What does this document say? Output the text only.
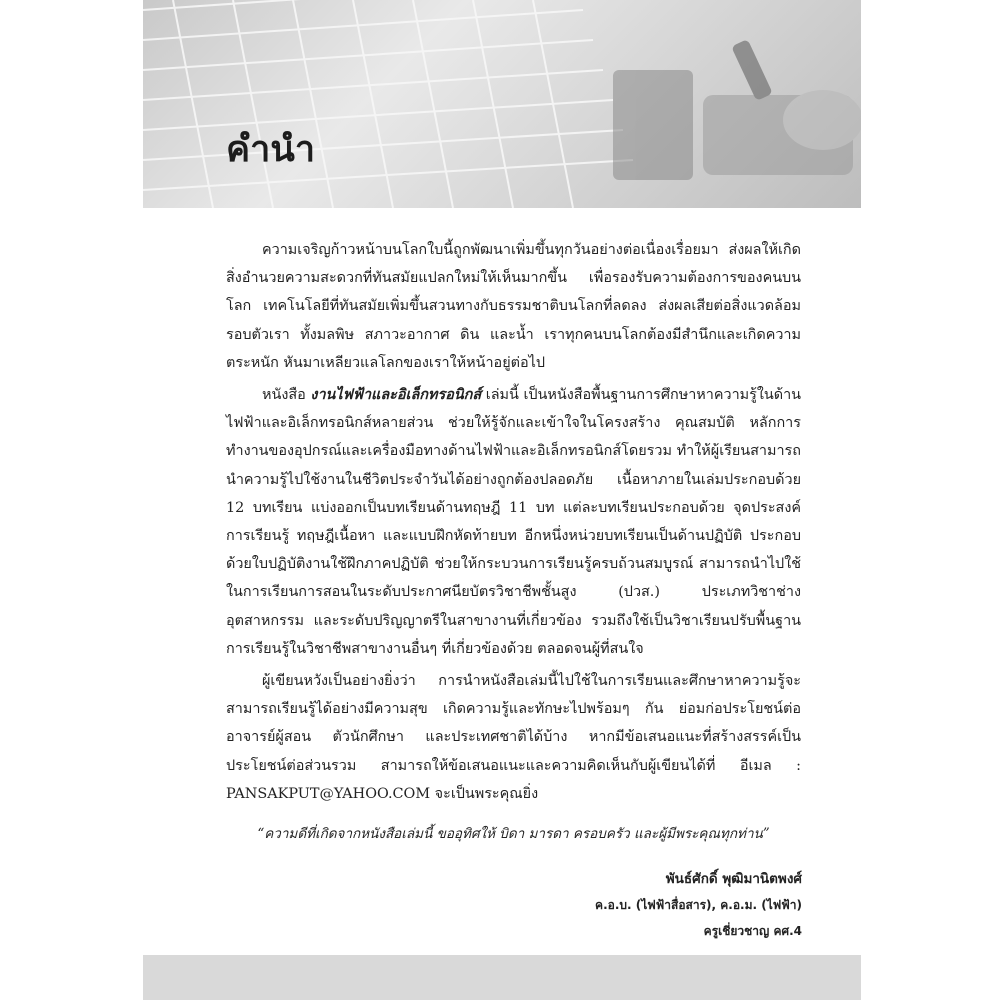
คำนำ

ความเจริญก้าวหน้าบนโลกใบนี้ถูกพัฒนาเพิ่มขึ้นทุกวันอย่างต่อเนื่องเรื่อยมา ส่งผลให้เกิดสิ่งอำนวยความสะดวกที่ทันสมัยแปลกใหม่ให้เห็นมากขึ้น เพื่อรองรับความต้องการของคนบนโลก เทคโนโลยีที่ทันสมัยเพิ่มขึ้นสวนทางกับธรรมชาติบนโลกที่ลดลง ส่งผลเสียต่อสิ่งแวดล้อมรอบตัวเรา ทั้งมลพิษ สภาวะอากาศ ดิน และน้ำ เราทุกคนบนโลกต้องมีสำนึกและเกิดความตระหนัก หันมาเหลียวแลโลกของเราให้หน้าอยู่ต่อไป

หนังสือ งานไฟฟ้าและอิเล็กทรอนิกส์ เล่มนี้ เป็นหนังสือพื้นฐานการศึกษาหาความรู้ในด้านไฟฟ้าและอิเล็กทรอนิกส์หลายส่วน ช่วยให้รู้จักและเข้าใจในโครงสร้าง คุณสมบัติ หลักการทำงานของอุปกรณ์และเครื่องมือทางด้านไฟฟ้าและอิเล็กทรอนิกส์โดยรวม ทำให้ผู้เรียนสามารถนำความรู้ไปใช้งานในชีวิตประจำวันได้อย่างถูกต้องปลอดภัย เนื้อหาภายในเล่มประกอบด้วย 12 บทเรียน แบ่งออกเป็นบทเรียนด้านทฤษฎี 11 บท แต่ละบทเรียนประกอบด้วย จุดประสงค์การเรียนรู้ ทฤษฎีเนื้อหา และแบบฝึกหัดท้ายบท อีกหนึ่งหน่วยบทเรียนเป็นด้านปฏิบัติ ประกอบด้วยใบปฏิบัติงานใช้ฝึกภาคปฏิบัติ ช่วยให้กระบวนการเรียนรู้ครบถ้วนสมบูรณ์ สามารถนำไปใช้ในการเรียนการสอนในระดับประกาศนียบัตรวิชาชีพชั้นสูง (ปวส.) ประเภทวิชาช่างอุตสาหกรรม และระดับปริญญาตรีในสาขางานที่เกี่ยวข้อง รวมถึงใช้เป็นวิชาเรียนปรับพื้นฐานการเรียนรู้ในวิชาชีพสาขางานอื่นๆ ที่เกี่ยวข้องด้วย ตลอดจนผู้ที่สนใจ

ผู้เขียนหวังเป็นอย่างยิ่งว่า การนำหนังสือเล่มนี้ไปใช้ในการเรียนและศึกษาหาความรู้จะสามารถเรียนรู้ได้อย่างมีความสุข เกิดความรู้และทักษะไปพร้อมๆ กัน ย่อมก่อประโยชน์ต่ออาจารย์ผู้สอน ตัวนักศึกษา และประเทศชาติได้บ้าง หากมีข้อเสนอแนะที่สร้างสรรค์เป็นประโยชน์ต่อส่วนรวม สามารถให้ข้อเสนอแนะและความคิดเห็นกับผู้เขียนได้ที่ อีเมล : PANSAKPUT@YAHOO.COM จะเป็นพระคุณยิ่ง

“ความดีที่เกิดจากหนังสือเล่มนี้ ขออุทิศให้ บิดา มารดา ครอบครัว และผู้มีพระคุณทุกท่าน”
พันธ์ศักดิ์ พุฒิมานิตพงศ์
ค.อ.บ. (ไฟฟ้าสื่อสาร), ค.อ.ม. (ไฟฟ้า)
ครูเชี่ยวชาญ คศ.4
